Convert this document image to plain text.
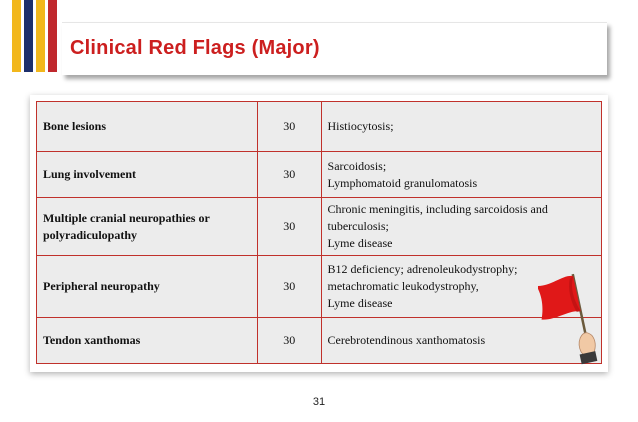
Clinical Red Flags (Major)
Bone lesions	30	Histiocytosis;

Lung involvement	30	Sarcoidosis;
Lymphomatoid granulomatosis

Multiple cranial neuropathies or polyradiculopathy	30	Chronic meningitis, including sarcoidosis and
tuberculosis;
Lyme disease

Peripheral neuropathy	30	B12 deficiency; adrenoleukodystrophy;
metachromatic leukodystrophy,
Lyme disease

Tendon xanthomas	30	Cerebrotendinous xanthomatosis
31
